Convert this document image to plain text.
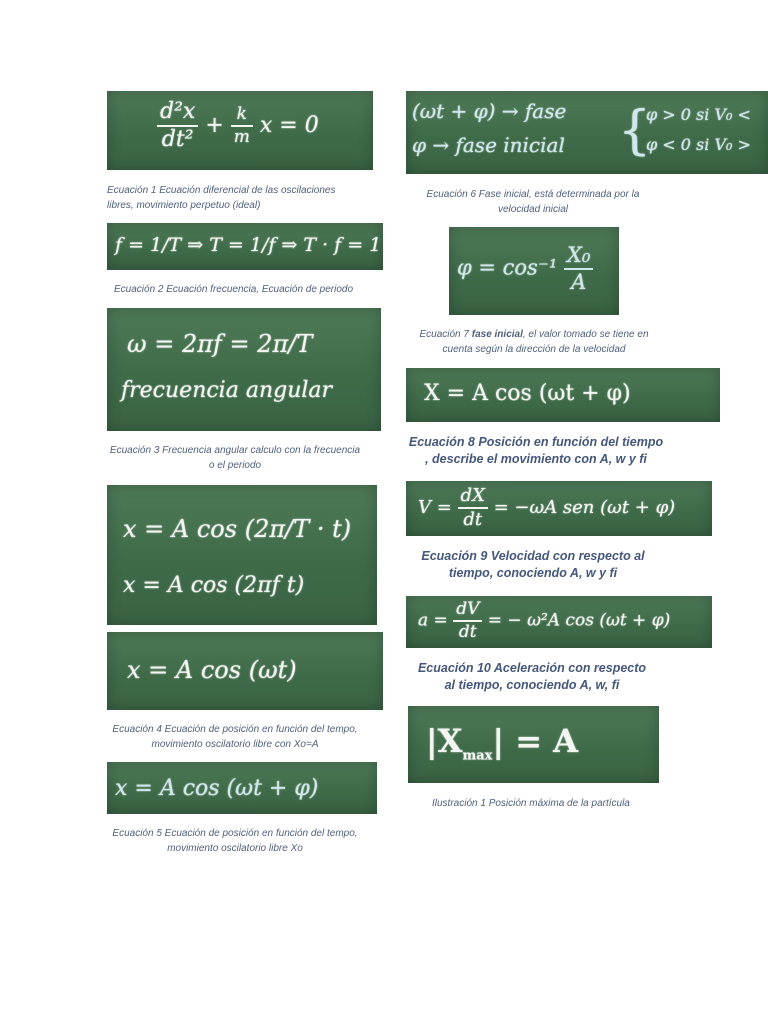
$\frac{\text{d²x}}{\text{dt²}} + \frac{k}{m}$ x = 0
Ecuación 1 Ecuación diferencial de las oscilaciones libres, movimiento perpetuo (ideal)
f = 1/T ⇒ T = 1/f ⇒ T · f = 1
Ecuación 2 Ecuación frecuencia, Ecuación de periodo
ω = 2πf = 2π/T
frecuencia angular
Ecuación 3 Frecuencia angular calculo con la frecuencia o el periodo
x = A cos (2π/T · t)
x = A cos (2πf t)
x = A cos (ωt)
Ecuación 4 Ecuación de posición en función del tempo, movimiento oscilatorio libre con Xo=A
x = A cos (ωt + φ)
Ecuación 5 Ecuación de posición en función del tempo, movimiento oscilatorio libre Xo
(ωt + φ) → fase
φ → fase inicial {
φ > 0 si V₀ <
φ < 0 si V₀ >
Ecuación 6 Fase inicial, está determinada por la velocidad inicial
$\varphi = \cos^{-1} \frac{\text{X₀}}{A}$
Ecuación 7 fase inicial, el valor tomado se tiene en cuenta según la dirección de la velocidad
X = A cos (ωt + φ)
Ecuación 8 Posición en función del tiempo , describe el movimiento con A, w y fi
$V = \frac{dX}{dt} = -\omega A$ sen (ωt + φ)
Ecuación 9 Velocidad con respecto al tiempo, conociendo A, w y fi
$a = \frac{dV}{dt}$ = − ω²A cos (ωt + φ)
Ecuación 10 Aceleración con respecto al tiempo, conociendo A, w, fi
$|X_{max}| = A$
Ilustración 1 Posición máxima de la partícula
